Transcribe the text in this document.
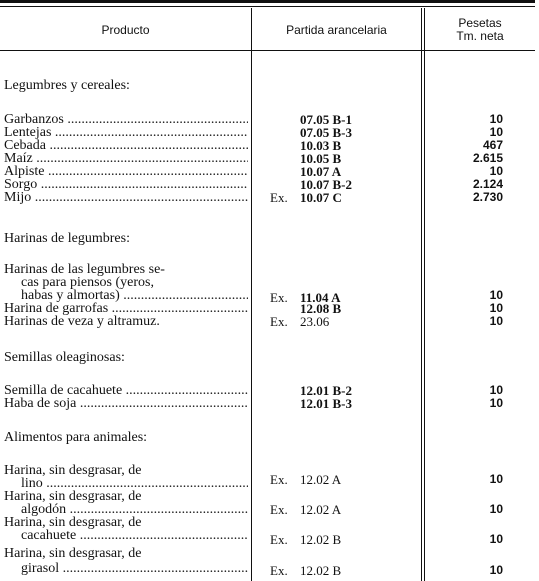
Producto	Partida arancelaria	Pesetas
Tm. neta
Legumbres y cereales:
Garbanzos .....	07.05 B-1	10
Lentejas .....	07.05 B-3	10
Cebada .....	10.03 B	467
Maíz .....	10.05 B	2.615
Alpiste .....	10.07 A	10
Sorgo .....	10.07 B-2	2.124
Mijo .....	Ex. 10.07 C	2.730
Harinas de legumbres:
Harinas de las legumbres se-
cas para piensos (yeros,
habas y almortas) .....	Ex. 11.04 A	10
Harina de garrofas .....	12.08 B	10
Harinas de veza y altramuz.	Ex. 23.06	10
Semillas oleaginosas:
Semilla de cacahuete .....	12.01 B-2	10
Haba de soja .....	12.01 B-3	10
Alimentos para animales:
Harina, sin desgrasar, de
lino .....	Ex. 12.02 A	10
Harina, sin desgrasar, de
algodón .....	Ex. 12.02 A	10
Harina, sin desgrasar, de
cacahuete .....	Ex. 12.02 B	10
Harina, sin desgrasar, de
girasol .....	Ex. 12.02 B	10
